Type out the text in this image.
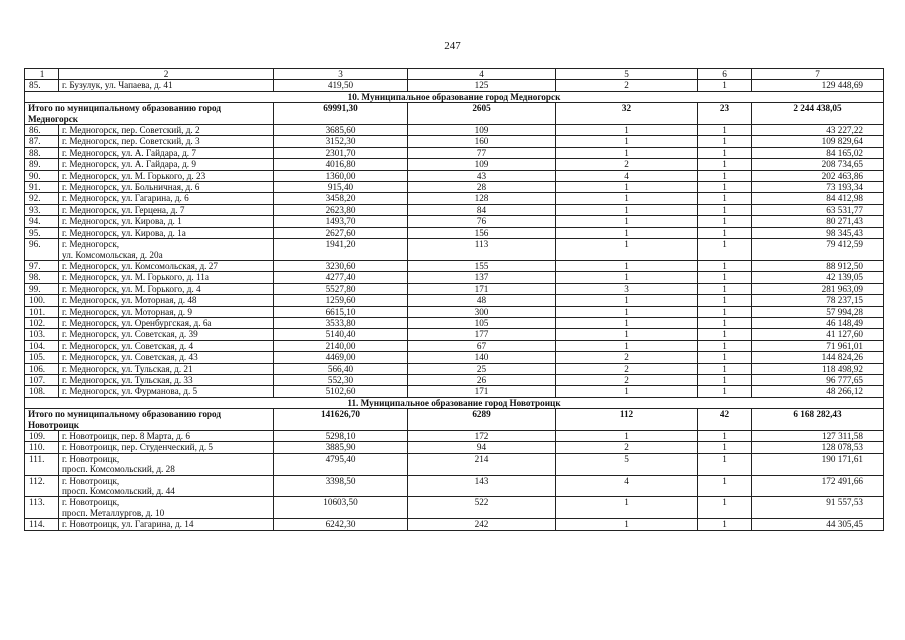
247
1	2	3	4	5	6	7
85.	г. Бузулук, ул. Чапаева, д. 41	419,50	125	2	1	129 448,69
10. Муниципальное образование город Медногорск						
Итого по муниципальному образованию город Медногорск		69991,30	2605	32	23	2 244 438,05
86.	г. Медногорск, пер. Советский, д. 2	3685,60	109	1	1	43 227,22
87.	г. Медногорск, пер. Советский, д. 3	3152,30	160	1	1	109 829,64
88.	г. Медногорск, ул. А. Гайдара, д. 7	2301,70	77	1	1	84 165,02
89.	г. Медногорск, ул. А. Гайдара, д. 9	4016,80	109	2	1	208 734,65
90.	г. Медногорск, ул. М. Горького, д. 23	1360,00	43	4	1	202 463,86
91.	г. Медногорск, ул. Больничная, д. 6	915,40	28	1	1	73 193,34
92.	г. Медногорск, ул. Гагарина, д. 6	3458,20	128	1	1	84 412,98
93.	г. Медногорск, ул. Герцена, д. 7	2623,80	84	1	1	63 531,77
94.	г. Медногорск, ул. Кирова, д. 1	1493,70	76	1	1	80 271,43
95.	г. Медногорск, ул. Кирова, д. 1а	2627,60	156	1	1	98 345,43
96.	г. Медногорск,
ул. Комсомольская, д. 20а	1941,20	113	1	1	79 412,59
97.	г. Медногорск, ул. Комсомольская, д. 27	3230,60	155	1	1	88 912,50
98.	г. Медногорск, ул. М. Горького, д. 11а	4277,40	137	1	1	42 139,05
99.	г. Медногорск, ул. М. Горького, д. 4	5527,80	171	3	1	281 963,09
100.	г. Медногорск, ул. Моторная, д. 48	1259,60	48	1	1	78 237,15
101.	г. Медногорск, ул. Моторная, д. 9	6615,10	300	1	1	57 994,28
102.	г. Медногорск, ул. Оренбургская, д. 6а	3533,80	105	1	1	46 148,49
103.	г. Медногорск, ул. Советская, д. 39	5140,40	177	1	1	41 127,60
104.	г. Медногорск, ул. Советская, д. 4	2140,00	67	1	1	71 961,01
105.	г. Медногорск, ул. Советская, д. 43	4469,00	140	2	1	144 824,26
106.	г. Медногорск, ул. Тульская, д. 21	566,40	25	2	1	118 498,92
107.	г. Медногорск, ул. Тульская, д. 33	552,30	26	2	1	96 777,65
108.	г. Медногорск, ул. Фурманова, д. 5	5102,60	171	1	1	48 266,12
11. Муниципальное образование город Новотроицк						
Итого по муниципальному образованию город Новотроицк		141626,70	6289	112	42	6 168 282,43
109.	г. Новотроицк, пер. 8 Марта, д. 6	5298,10	172	1	1	127 311,58
110.	г. Новотроицк, пер. Студенческий, д. 5	3885,90	94	2	1	128 078,53
111.	г. Новотроицк,
просп. Комсомольский, д. 28	4795,40	214	5	1	190 171,61
112.	г. Новотроицк,
просп. Комсомольский, д. 44	3398,50	143	4	1	172 491,66
113.	г. Новотроицк,
просп. Металлургов, д. 10	10603,50	522	1	1	91 557,53
114.	г. Новотроицк, ул. Гагарина, д. 14	6242,30	242	1	1	44 305,45
